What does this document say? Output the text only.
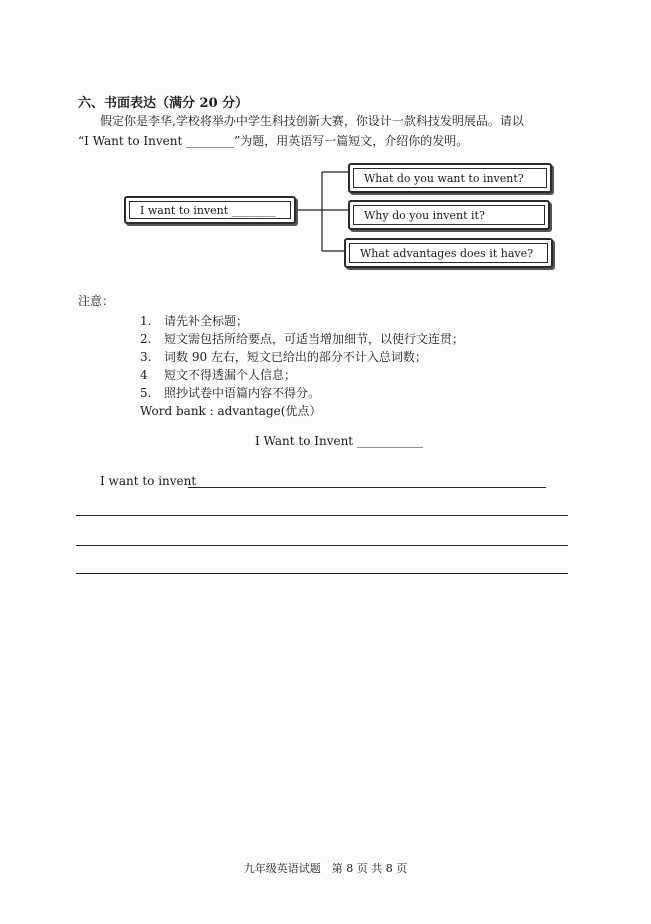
六、书面表达（满分 20 分）
假定你是李华,学校将举办中学生科技创新大赛，你设计一款科技发明展品。请以
“I Want to Invent ________”为题，用英语写一篇短文，介绍你的发明。
I want to invent ________
What do you want to invent?
Why do you invent it?
What advantages does it have?
注意：
1. 请先补全标题；
2. 短文需包括所给要点，可适当增加细节，以使行文连贯；
3. 词数 90 左右，短文已给出的部分不计入总词数；
4 短文不得透漏个人信息；
5. 照抄试卷中语篇内容不得分。
Word bank : advantage(优点）
I Want to Invent ___________
I want to invent
九年级英语试题　第 8 页 共 8 页
